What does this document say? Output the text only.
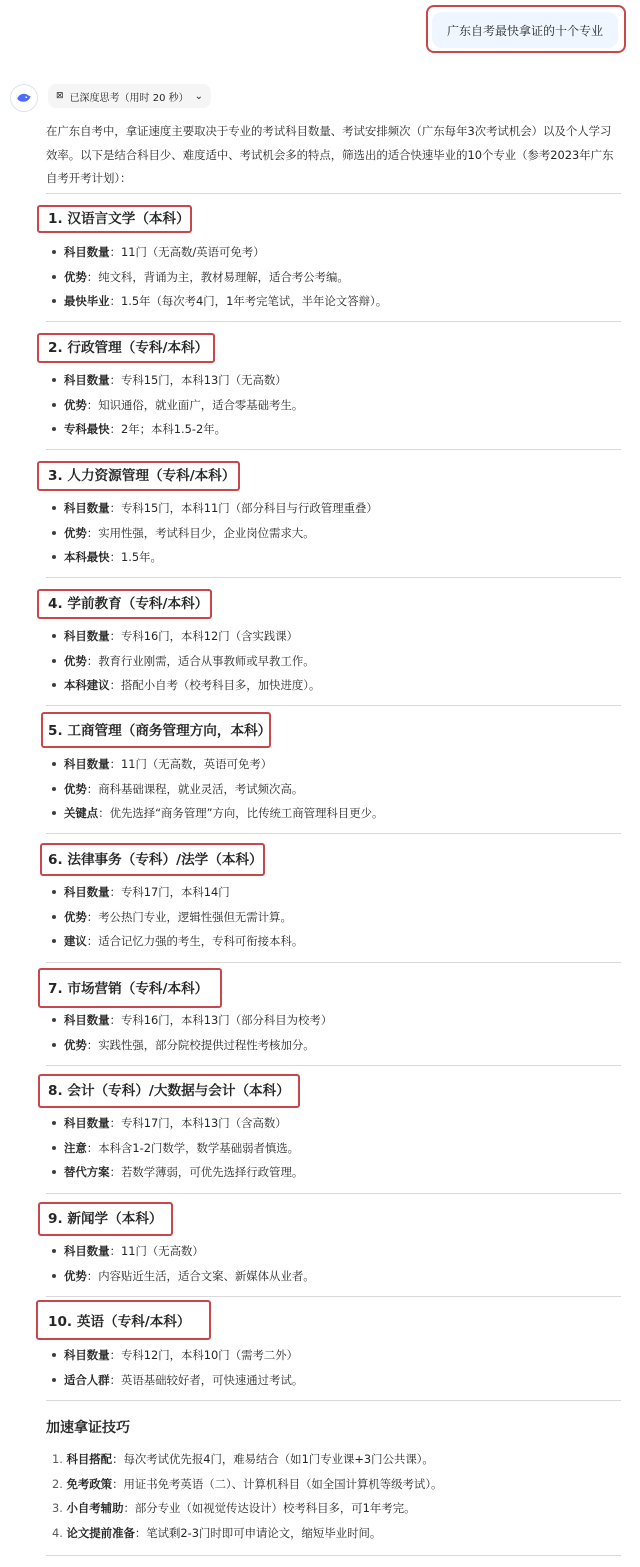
广东自考最快拿证的十个专业
⊠ 已深度思考（用时 20 秒） ⌄
在广东自考中，拿证速度主要取决于专业的考试科目数量、考试安排频次（广东每年3次考试机会）以及个人学习效率。以下是结合科目少、难度适中、考试机会多的特点，筛选出的适合快速毕业的10个专业（参考2023年广东自考开考计划）：
1. 汉语言文学（本科）
科目数量：11门（无高数/英语可免考）
优势：纯文科，背诵为主，教材易理解，适合考公考编。
最快毕业：1.5年（每次考4门，1年考完笔试，半年论文答辩）。
2. 行政管理（专科/本科）
科目数量：专科15门，本科13门（无高数）
优势：知识通俗，就业面广，适合零基础考生。
专科最快：2年；本科1.5-2年。
3. 人力资源管理（专科/本科）
科目数量：专科15门，本科11门（部分科目与行政管理重叠）
优势：实用性强，考试科目少，企业岗位需求大。
本科最快：1.5年。
4. 学前教育（专科/本科）
科目数量：专科16门，本科12门（含实践课）
优势：教育行业刚需，适合从事教师或早教工作。
本科建议：搭配小自考（校考科目多，加快进度）。
5. 工商管理（商务管理方向，本科）
科目数量：11门（无高数，英语可免考）
优势：商科基础课程，就业灵活，考试频次高。
关键点：优先选择“商务管理”方向，比传统工商管理科目更少。
6. 法律事务（专科）/法学（本科）
科目数量：专科17门，本科14门
优势：考公热门专业，逻辑性强但无需计算。
建议：适合记忆力强的考生，专科可衔接本科。
7. 市场营销（专科/本科）
科目数量：专科16门，本科13门（部分科目为校考）
优势：实践性强，部分院校提供过程性考核加分。
8. 会计（专科）/大数据与会计（本科）
科目数量：专科17门，本科13门（含高数）
注意：本科含1-2门数学，数学基础弱者慎选。
替代方案：若数学薄弱，可优先选择行政管理。
9. 新闻学（本科）
科目数量：11门（无高数）
优势：内容贴近生活，适合文案、新媒体从业者。
10. 英语（专科/本科）
科目数量：专科12门，本科10门（需考二外）
适合人群：英语基础较好者，可快速通过考试。
加速拿证技巧
1. 科目搭配：每次考试优先报4门，难易结合（如1门专业课+3门公共课）。
2. 免考政策：用证书免考英语（二）、计算机科目（如全国计算机等级考试）。
3. 小自考辅助：部分专业（如视觉传达设计）校考科目多，可1年考完。
4. 论文提前准备：笔试剩2-3门时即可申请论文，缩短毕业时间。
